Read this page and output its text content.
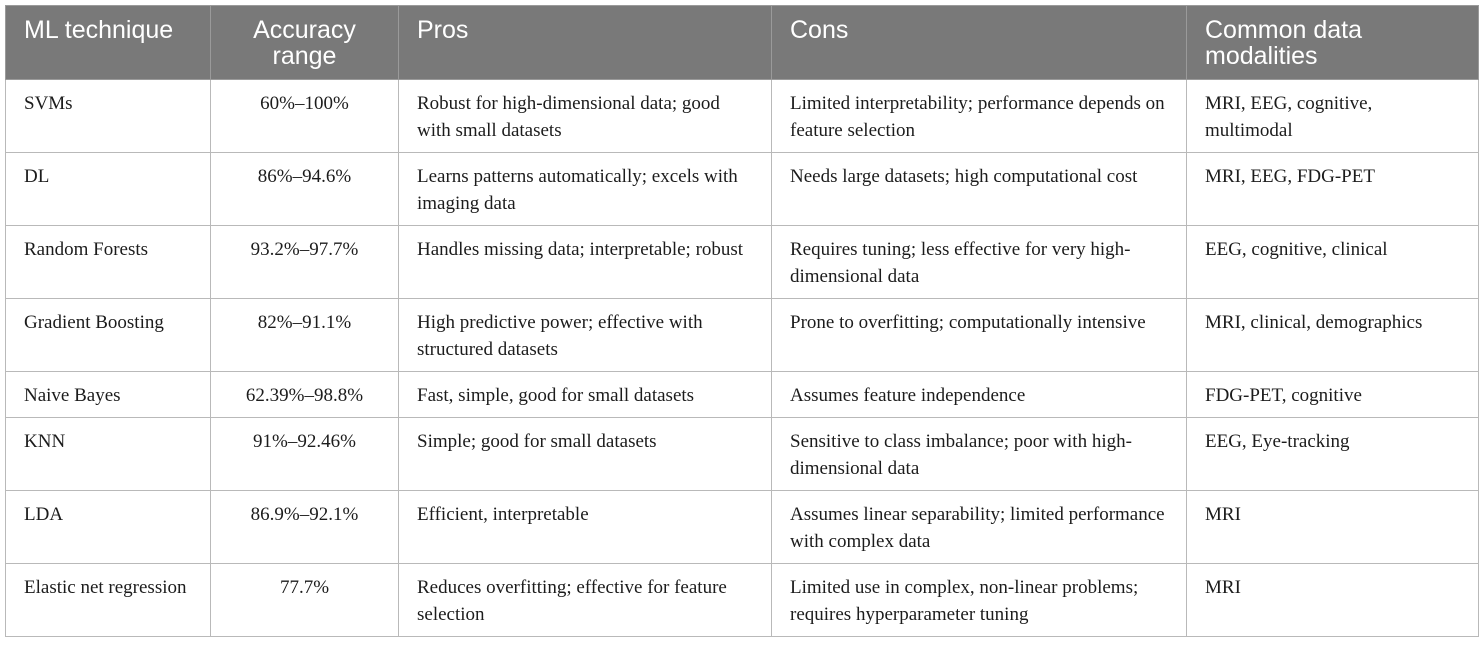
ML technique	Accuracy range	Pros	Cons	Common data modalities
SVMs	60%–100%	Robust for high-dimensional data; good with small datasets	Limited interpretability; performance depends on feature selection	MRI, EEG, cognitive, multimodal
DL	86%–94.6%	Learns patterns automatically; excels with imaging data	Needs large datasets; high computational cost	MRI, EEG, FDG-PET
Random Forests	93.2%–97.7%	Handles missing data; interpretable; robust	Requires tuning; less effective for very high-dimensional data	EEG, cognitive, clinical
Gradient Boosting	82%–91.1%	High predictive power; effective with structured datasets	Prone to overfitting; computationally intensive	MRI, clinical, demographics
Naive Bayes	62.39%–98.8%	Fast, simple, good for small datasets	Assumes feature independence	FDG-PET, cognitive
KNN	91%–92.46%	Simple; good for small datasets	Sensitive to class imbalance; poor with high-dimensional data	EEG, Eye-tracking
LDA	86.9%–92.1%	Efficient, interpretable	Assumes linear separability; limited performance with complex data	MRI
Elastic net regression	77.7%	Reduces overfitting; effective for feature selection	Limited use in complex, non-linear problems; requires hyperparameter tuning	MRI
